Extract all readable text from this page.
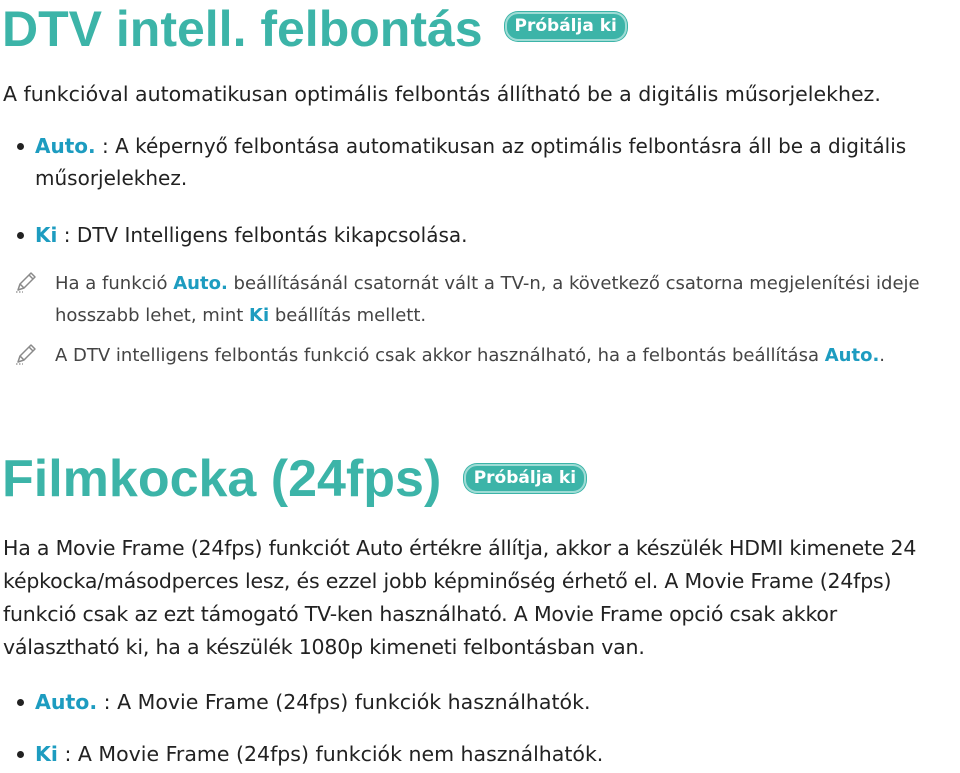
DTV intell. felbontás Próbálja ki
A funkcióval automatikusan optimális felbontás állítható be a digitális műsorjelekhez.
Auto. : A képernyő felbontása automatikusan az optimális felbontásra áll be a digitális műsorjelekhez.
Ki : DTV Intelligens felbontás kikapcsolása.
Ha a funkció Auto. beállításánál csatornát vált a TV-n, a következő csatorna megjelenítési ideje hosszabb lehet, mint Ki beállítás mellett.
A DTV intelligens felbontás funkció csak akkor használható, ha a felbontás beállítása Auto..
Filmkocka (24fps) Próbálja ki
Ha a Movie Frame (24fps) funkciót Auto értékre állítja, akkor a készülék HDMI kimenete 24 képkocka/másodperces lesz, és ezzel jobb képminőség érhető el. A Movie Frame (24fps) funkció csak az ezt támogató TV-ken használható. A Movie Frame opció csak akkor választható ki, ha a készülék 1080p kimeneti felbontásban van.
Auto. : A Movie Frame (24fps) funkciók használhatók.
Ki : A Movie Frame (24fps) funkciók nem használhatók.
